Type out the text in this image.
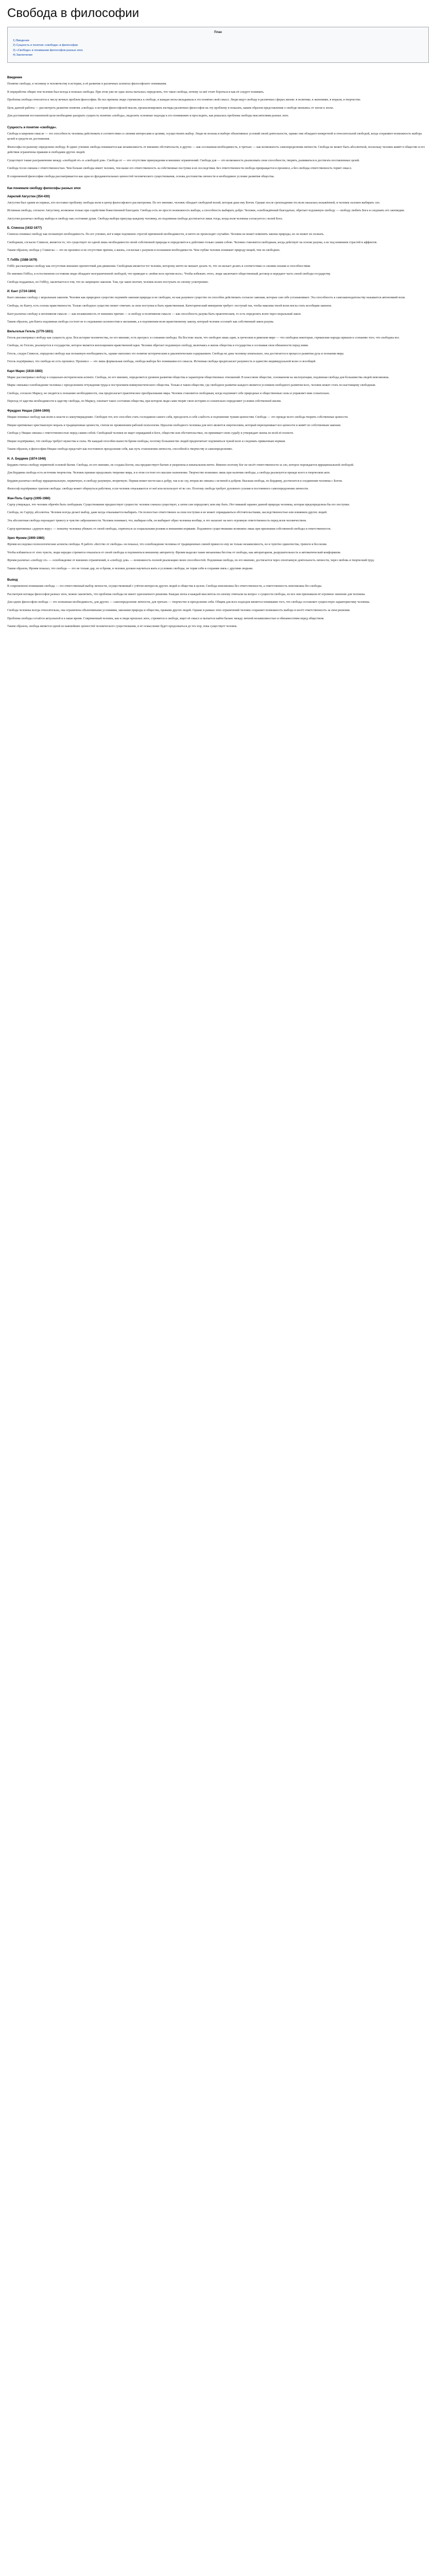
Свобода в философии
План
1) Введение
2) Сущность и понятие «свобода» в философии
3) «Свобода» в понимании философов разных эпох
4) Заключение
Введение

Понятие свободы, к человеку и человечеству в истории, и её развитие в различных аспектах философского понимания.

В переработке общих тем человек был всегда в поисках свободы. При этом уже не одна эпоха пыталась определить, что такое свобода, почему за неё стоит бороться и как её следует понимать.

Проблема свободы относится к числу вечных проблем философии. Во все времена люди стремились к свободе, и каждая эпоха вкладывала в это понятие свой смысл. Люди ищут свободу в различных сферах жизни: в политике, в экономике, в морали, в творчестве.

Цель данной работы — рассмотреть развитие понятия «свобода» в истории философской мысли, проанализировать взгляды различных философов на эту проблему и показать, каким образом представления о свободе менялись от эпохи к эпохе.

Для достижения поставленной цели необходимо раскрыть сущность понятия «свобода», выделить основные подходы к его пониманию и проследить, как решалась проблема свободы мыслителями разных эпох.

Сущность и понятие «свобода».

Свобода в широком смысле — это способность человека действовать в соответствии со своими интересами и целями, осуществлять выбор. Люди не вольны в выборе объективных условий своей деятельности, однако они обладают конкретной и относительной свободой, когда сохраняют возможность выбора целей и средств их достижения.

Философы по-разному определяли свободу. В одних учениях свобода понимается как независимость от внешних обстоятельств, в других — как осознанная необходимость, в третьих — как возможность самоопределения личности. Свобода не может быть абсолютной, поскольку человек живёт в обществе и его действия ограничены правами и свободами других людей.

Существует также разграничение между «свободой от» и «свободой для». Свобода от — это отсутствие принуждения и внешних ограничений. Свобода для — это возможность реализовать свои способности, творить, развиваться и достигать поставленных целей.

Свобода тесно связана с ответственностью. Чем больше свободы имеет человек, тем выше его ответственность за собственные поступки и их последствия. Без ответственности свобода превращается в произвол, а без свободы ответственность теряет смысл.

В современной философии свобода рассматривается как одна из фундаментальных ценностей человеческого существования, основа достоинства личности и необходимое условие развития общества.

Как понимали свободу философы разных эпох
Аврелий Августин (354-430)

Августин был одним из первых, кто поставил проблему свободы воли в центр философского рассмотрения. По его мнению, человек обладает свободной волей, которая дана ему Богом. Однако после грехопадения эта воля оказалась искажённой, и человек склонен выбирать зло.

Истинная свобода, согласно Августину, возможна только при содействии божественной благодати. Свобода есть не просто возможность выбора, а способность выбирать добро. Человек, освобождённый благодатью, обретает подлинную свободу — свободу любить Бога и следовать его заповедям.

Августин различал свободу выбора и свободу как состояние души. Свобода выбора присуща каждому человеку, но подлинная свобода достигается лишь тогда, когда воля человека согласуется с волей Бога.

Б. Спиноза (1632-1677)

Спиноза понимал свободу как познанную необходимость. По его учению, всё в мире подчинено строгой причинной необходимости, и ничто не происходит случайно. Человек не может изменить законы природы, но он может их познать.

Свободным, согласно Спинозе, является то, что существует по одной лишь необходимости своей собственной природы и определяется к действию только самим собою. Человек становится свободным, когда действует на основе разума, а не под влиянием страстей и аффектов.

Таким образом, свобода у Спинозы — это не произвол и не отсутствие причин, а жизнь, согласная с разумом и познанием необходимости. Чем глубже человек понимает природу вещей, тем он свободнее.

Т. Гоббс (1588-1679)

Гоббс рассматривал свободу как отсутствие внешних препятствий для движения. Свободным является тот человек, которому ничто не мешает делать то, что он желает делать в соответствии со своими силами и способностями.

По мнению Гоббса, в естественном состоянии люди обладают неограниченной свободой, что приводит к «войне всех против всех». Чтобы избежать этого, люди заключают общественный договор и передают часть своей свободы государству.

Свобода подданных, по Гоббсу, заключается в том, что не запрещено законом. Там, где закон молчит, человек волен поступать по своему усмотрению.

И. Кант (1724-1804)

Кант связывал свободу с моральным законом. Человек как природное существо подчинён законам природы и не свободен, но как разумное существо он способен действовать согласно законам, которые сам себе устанавливает. Эта способность к самозаконодательству называется автономией воли.

Свобода, по Канту, есть основа нравственности. Только свободное существо может отвечать за свои поступки и быть нравственным. Категорический императив требует: поступай так, чтобы максима твоей воли могла стать всеобщим законом.

Кант различал свободу в негативном смысле — как независимость от внешних причин — и свободу в позитивном смысле — как способность разума быть практическим, то есть определять волю через моральный закон.

Таким образом, для Канта подлинная свобода состоит не в следовании склонностям и желаниям, а в подчинении воли нравственному закону, который человек осознаёт как собственный закон разума.

Вильгельм Гегель (1770-1831)

Гегель рассматривал свободу как сущность духа. Вся история человечества, по его мнению, есть прогресс в сознании свободы. На Востоке знали, что свободен лишь один, в греческом и римском мире — что свободны некоторые, германские народы пришли к сознанию того, что свободны все.

Свобода, по Гегелю, реализуется в государстве, которое является воплощением нравственной идеи. Человек обретает подлинную свободу, включаясь в жизнь общества и государства и осознавая свои обязанности перед ними.

Гегель, следуя Спинозе, определял свободу как познанную необходимость, однако наполнял это понятие историческим и диалектическим содержанием. Свобода не дана человеку изначально, она достигается в процессе развития духа и познания мира.

Гегель подчёркивал, что свобода не есть произвол. Произвол — это лишь формальная свобода, свобода выбора без понимания его смысла. Истинная свобода предполагает разумность и единство индивидуальной воли со всеобщей.

Карл Маркс (1818-1883)

Маркс рассматривал свободу в социально-историческом аспекте. Свобода, по его мнению, определяется уровнем развития общества и характером общественных отношений. В классовом обществе, основанном на эксплуатации, подлинная свобода для большинства людей невозможна.

Маркс связывал освобождение человека с преодолением отчуждения труда и построением коммунистического общества. Только в таком обществе, где свободное развитие каждого является условием свободного развития всех, человек может стать по-настоящему свободным.

Свобода, согласно Марксу, не сводится к познанию необходимости, она предполагает практическое преобразование мира. Человек становится свободным, когда подчиняет себе природные и общественные силы и управляет ими сознательно.

Переход от царства необходимости к царству свободы, по Марксу, означает такое состояние общества, при котором люди сами творят свою историю и сознательно определяют условия собственной жизни.

Фридрих Ницше (1844-1900)

Ницше понимал свободу как волю к власти и самоутверждению. Свободен тот, кто способен стать господином самого себя, преодолеть в себе слабость и подчинение чужим ценностям. Свобода — это прежде всего свобода творить собственные ценности.

Ницше критиковал христианскую мораль и традиционные ценности, считая их проявлением рабской психологии. Идеалом свободного человека для него является сверхчеловек, который переоценивает все ценности и живёт по собственным законам.

Свобода у Ницше связана с ответственностью перед самим собой. Свободный человек не ищет оправданий в Боге, обществе или обстоятельствах, он принимает свою судьбу и утверждает жизнь во всей её полноте.

Ницше подчёркивал, что свобода требует мужества и силы. Не каждый способен вынести бремя свободы, поэтому большинство людей предпочитает подчиняться чужой воле и следовать привычным нормам.

Таким образом, в философии Ницше свобода предстаёт как постоянное преодоление себя, как путь становления личности, способной к творчеству и самоопределению.

Н. А. Бердяев (1874-1948)

Бердяев считал свободу первичной основой бытия. Свобода, по его мнению, не создана Богом, она предшествует бытию и укоренена в изначальном ничто. Именно поэтому Бог не несёт ответственности за зло, которое порождается иррациональной свободой.

Для Бердяева свобода есть источник творчества. Человек призван продолжать творение мира, и в этом состоит его высшее назначение. Творчество возможно лишь при наличии свободы, а свобода реализуется прежде всего в творческом акте.

Бердяев различал свободу иррациональную, первичную, и свободу разумную, вторичную. Первая может вести как к добру, так и ко злу, вторая же связана с истиной и добром. Высшая свобода, по Бердяеву, достигается в соединении человека с Богом.

Философ подчёркивал трагизм свободы: свобода может обернуться рабством, если человек отказывается от неё или использует её во зло. Поэтому свобода требует духовного усилия и постоянного самоопределения личности.

Жан-Поль Сартр (1905-1980)

Сартр утверждал, что человек обречён быть свободным. Существование предшествует сущности: человек сначала существует, а затем сам определяет, кем ему быть. Нет никакой заранее данной природы человека, которая предопределяла бы его поступки.

Свобода, по Сартру, абсолютна. Человек всегда делает выбор, даже когда отказывается выбирать. Он полностью ответственен за свои поступки и не может оправдываться обстоятельствами, наследственностью или влиянием других людей.

Эта абсолютная свобода порождает тревогу и чувство заброшенности. Человек понимает, что, выбирая себя, он выбирает образ человека вообще, и это налагает на него огромную ответственность перед всем человечеством.

Сартр критиковал «дурную веру» — попытку человека убежать от своей свободы, спрятаться за социальными ролями и внешними нормами. Подлинное существование возможно лишь при признании собственной свободы и ответственности.

Эрих Фромм (1900-1980)

Фромм исследовал психологические аспекты свободы. В работе «Бегство от свободы» он показал, что освобождение человека от традиционных связей принесло ему не только независимость, но и чувство одиночества, тревоги и бессилия.

Чтобы избавиться от этих чувств, люди нередко стремятся отказаться от своей свободы и подчиниться внешнему авторитету. Фромм выделял такие механизмы бегства от свободы, как авторитаризм, разрушительность и автоматический конформизм.

Фромм различал «свободу от» — освобождение от внешних ограничений, и «свободу для» — возможность полной реализации своих способностей. Подлинная свобода, по его мнению, достигается через спонтанную деятельность личности, через любовь и творческий труд.

Таким образом, Фромм показал, что свобода — это не только дар, но и бремя, и человек должен научиться жить в условиях свободы, не теряя себя и сохраняя связь с другими людьми.

Вывод

В современном понимании свобода — это ответственный выбор личности, осуществляемый с учётом интересов других людей и общества в целом. Свобода невозможна без ответственности, а ответственность невозможна без свободы.

Рассмотрев взгляды философов разных эпох, можно заключить, что проблема свободы не имеет однозначного решения. Каждая эпоха и каждый мыслитель по-своему отвечали на вопрос о сущности свободы, но все они признавали её огромное значение для человека.

Для одних философов свобода — это познанная необходимость, для других — самоопределение личности, для третьих — творчество и преодоление себя. Общим для всех подходов является понимание того, что свобода составляет сущностную характеристику человека.

Свобода человека всегда относительна, она ограничена объективными условиями, законами природы и общества, правами других людей. Однако в рамках этих ограничений человек сохраняет возможность выбора и несёт ответственность за свои решения.

Проблема свободы остаётся актуальной и в наше время. Современный человек, как и люди прошлых эпох, стремится к свободе, ищет её смысл и пытается найти баланс между личной независимостью и обязанностями перед обществом.

Таким образом, свобода является одной из важнейших ценностей человеческого существования, и её осмысление будет продолжаться до тех пор, пока существует человек.
